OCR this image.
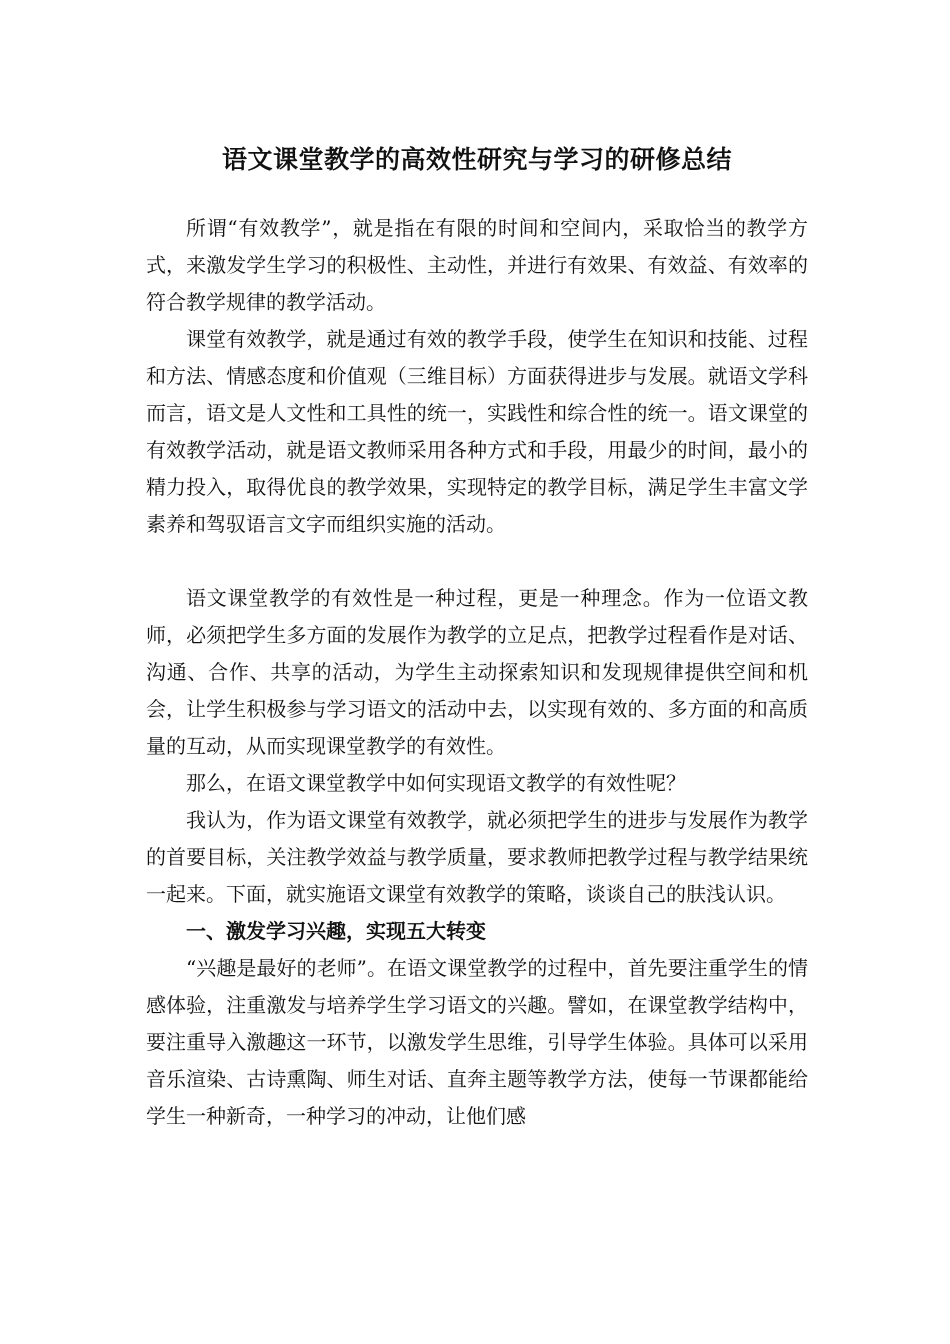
语文课堂教学的高效性研究与学习的研修总结

所谓“有效教学”，就是指在有限的时间和空间内，采取恰当的教学方式，来激发学生学习的积极性、主动性，并进行有效果、有效益、有效率的符合教学规律的教学活动。

课堂有效教学，就是通过有效的教学手段，使学生在知识和技能、过程和方法、情感态度和价值观（三维目标）方面获得进步与发展。就语文学科而言，语文是人文性和工具性的统一，实践性和综合性的统一。语文课堂的有效教学活动，就是语文教师采用各种方式和手段，用最少的时间，最小的精力投入，取得优良的教学效果，实现特定的教学目标，满足学生丰富文学素养和驾驭语言文字而组织实施的活动。

语文课堂教学的有效性是一种过程，更是一种理念。作为一位语文教师，必须把学生多方面的发展作为教学的立足点，把教学过程看作是对话、沟通、合作、共享的活动，为学生主动探索知识和发现规律提供空间和机会，让学生积极参与学习语文的活动中去，以实现有效的、多方面的和高质量的互动，从而实现课堂教学的有效性。

那么，在语文课堂教学中如何实现语文教学的有效性呢？

我认为，作为语文课堂有效教学，就必须把学生的进步与发展作为教学的首要目标，关注教学效益与教学质量，要求教师把教学过程与教学结果统一起来。下面，就实施语文课堂有效教学的策略，谈谈自己的肤浅认识。

一、激发学习兴趣，实现五大转变

“兴趣是最好的老师”。在语文课堂教学的过程中，首先要注重学生的情感体验，注重激发与培养学生学习语文的兴趣。譬如，在课堂教学结构中，要注重导入激趣这一环节，以激发学生思维，引导学生体验。具体可以采用音乐渲染、古诗熏陶、师生对话、直奔主题等教学方法，使每一节课都能给学生一种新奇，一种学习的冲动，让他们感
